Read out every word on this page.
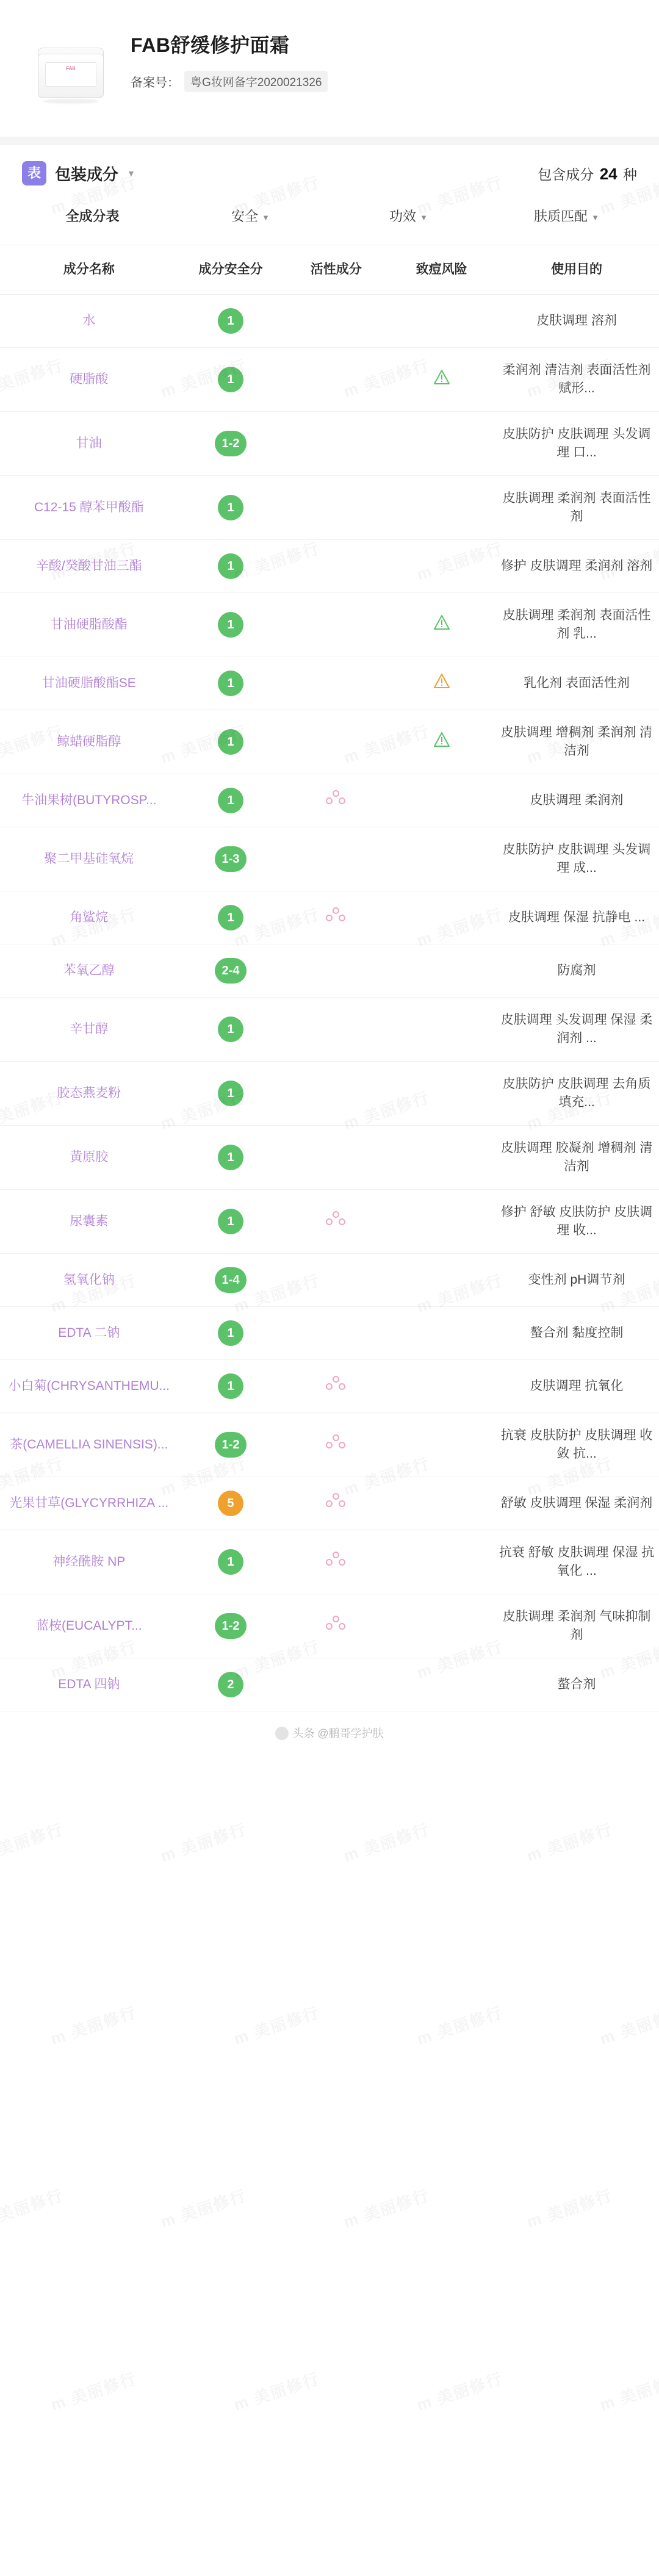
FAB
FAB舒缓修护面霜
备案号： 粤G妆网备字2020021326
表 包装成分 ▼	包含成分 24 种
全成分表	安全 ▼	功效 ▼	肤质匹配 ▼
成分名称	成分安全分	活性成分	致痘风险	使用目的
水	1			皮肤调理 溶剂
硬脂酸	1			柔润剂 清洁剂 表面活性剂 赋形...
甘油	1-2			皮肤防护 皮肤调理 头发调理 口...
C12-15 醇苯甲酸酯	1			皮肤调理 柔润剂 表面活性剂
辛酸/癸酸甘油三酯	1			修护 皮肤调理 柔润剂 溶剂
甘油硬脂酸酯	1			皮肤调理 柔润剂 表面活性剂 乳...
甘油硬脂酸酯SE	1			乳化剂 表面活性剂
鲸蜡硬脂醇	1			皮肤调理 增稠剂 柔润剂 清洁剂
牛油果树(BUTYROSP...	1			皮肤调理 柔润剂
聚二甲基硅氧烷	1-3			皮肤防护 皮肤调理 头发调理 成...
角鲨烷	1			皮肤调理 保湿 抗静电 ...
苯氧乙醇	2-4			防腐剂
辛甘醇	1			皮肤调理 头发调理 保湿 柔润剂 ...
胶态燕麦粉	1			皮肤防护 皮肤调理 去角质 填充...
黄原胶	1			皮肤调理 胶凝剂 增稠剂 清洁剂
尿囊素	1			修护 舒敏 皮肤防护 皮肤调理 收...
氢氧化钠	1-4			变性剂 pH调节剂
EDTA 二钠	1			螯合剂 黏度控制
小白菊(CHRYSANTHEMU...	1			皮肤调理 抗氧化
茶(CAMELLIA SINENSIS)...	1-2			抗衰 皮肤防护 皮肤调理 收敛 抗...
光果甘草(GLYCYRRHIZA ...	5			舒敏 皮肤调理 保湿 柔润剂
神经酰胺 NP	1			抗衰 舒敏 皮肤调理 保湿 抗氧化 ...
蓝桉(EUCALYPT...	1-2			皮肤调理 柔润剂 气味抑制剂
EDTA 四钠	2			螯合剂
头条 @鹏哥学护肤
